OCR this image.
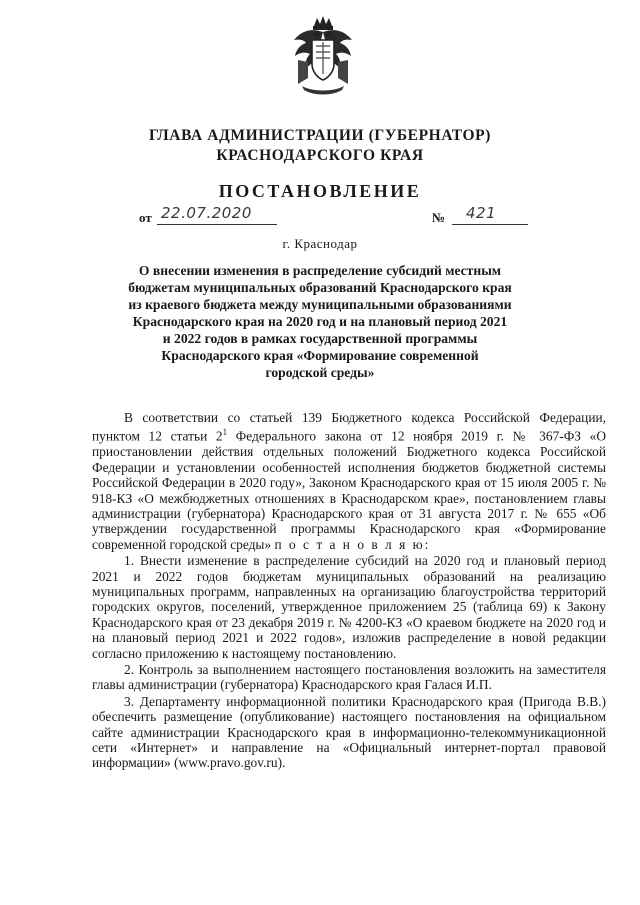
ГЛАВА АДМИНИСТРАЦИИ (ГУБЕРНАТОР)
КРАСНОДАРСКОГО КРАЯ
ПОСТАНОВЛЕНИЕ
от 22.07.2020	№ 421
г. Краснодар
О внесении изменения в распределение субсидий местным
бюджетам муниципальных образований Краснодарского края
из краевого бюджета между муниципальными образованиями
Краснодарского края на 2020 год и на плановый период 2021
и 2022 годов в рамках государственной программы
Краснодарского края «Формирование современной
городской среды»

В соответствии со статьей 139 Бюджетного кодекса Российской Федерации, пунктом 12 статьи $2^1$ Федерального закона от 12 ноября 2019 г. № 367-ФЗ «О приостановлении действия отдельных положений Бюджетного кодекса Российской Федерации и установлении особенностей исполнения бюджетов бюджетной системы Российской Федерации в 2020 году», Законом Краснодарского края от 15 июля 2005 г. № 918-КЗ «О межбюджетных отношениях в Краснодарском крае», постановлением главы администрации (губернатора) Краснодарского края от 31 августа 2017 г. № 655 «Об утверждении государственной программы Краснодарского края «Формирование современной городской среды» п о с т а н о в л я ю:

1. Внести изменение в распределение субсидий на 2020 год и плановый период 2021 и 2022 годов бюджетам муниципальных образований на реализацию муниципальных программ, направленных на организацию благоустройства территорий городских округов, поселений, утвержденное приложением 25 (таблица 69) к Закону Краснодарского края от 23 декабря 2019 г. № 4200-КЗ «О краевом бюджете на 2020 год и на плановый период 2021 и 2022 годов», изложив распределение в новой редакции согласно приложению к настоящему постановлению.

2. Контроль за выполнением настоящего постановления возложить на заместителя главы администрации (губернатора) Краснодарского края Галася И.П.

3. Департаменту информационной политики Краснодарского края (Пригода В.В.) обеспечить размещение (опубликование) настоящего постановления на официальном сайте администрации Краснодарского края в информационно-телекоммуникационной сети «Интернет» и направление на «Официальный интернет-портал правовой информации» (www.pravo.gov.ru).
